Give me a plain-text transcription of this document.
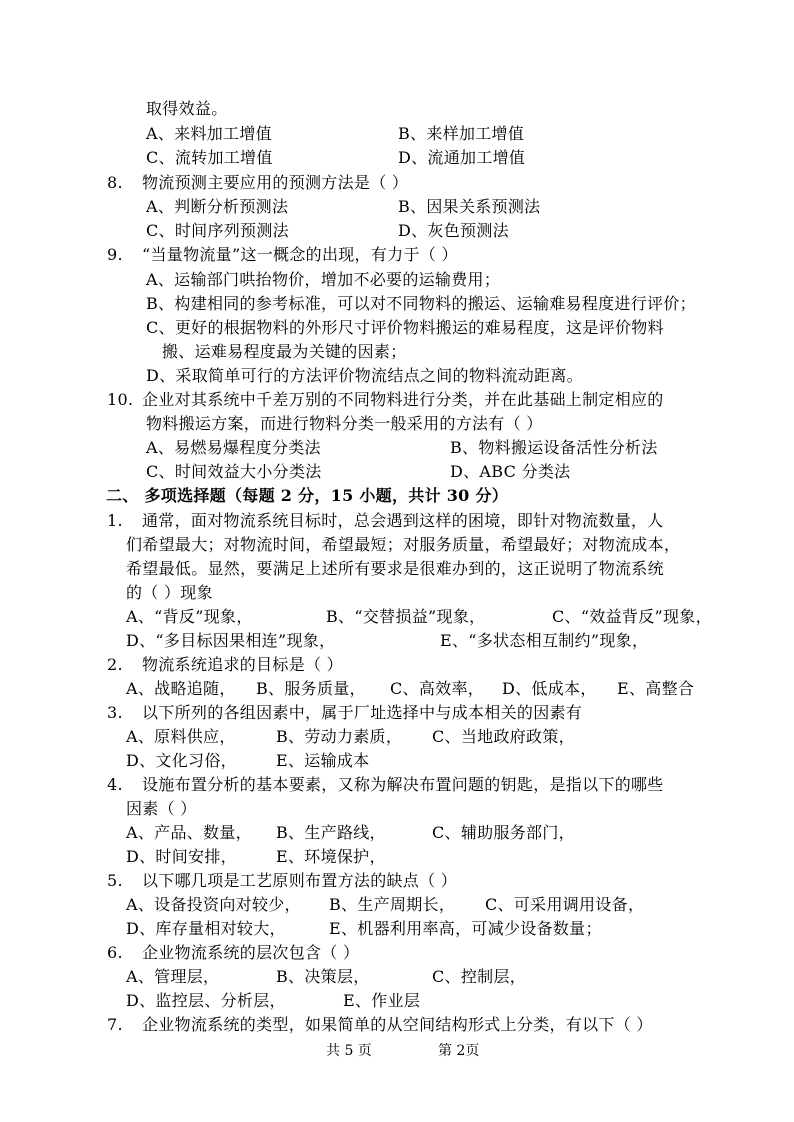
取得效益。
A、来料加工增值	B、来样加工增值
C、流转加工增值	D、流通加工增值
8. 物流预测主要应用的预测方法是（ ）
A、判断分析预测法	B、因果关系预测法
C、时间序列预测法	D、灰色预测法
9. “当量物流量”这一概念的出现，有力于（ ）
A、运输部门哄抬物价，增加不必要的运输费用；
B、构建相同的参考标准，可以对不同物料的搬运、运输难易程度进行评价；
C、更好的根据物料的外形尺寸评价物料搬运的难易程度，这是评价物料
搬、运难易程度最为关键的因素；
D、采取简单可行的方法评价物流结点之间的物料流动距离。
10. 企业对其系统中千差万别的不同物料进行分类，并在此基础上制定相应的
物料搬运方案，而进行物料分类一般采用的方法有（ ）
A、易燃易爆程度分类法	B、物料搬运设备活性分析法
C、时间效益大小分类法	D、ABC 分类法
二、 多项选择题（每题 2 分，15 小题，共计 30 分）
1. 通常，面对物流系统目标时，总会遇到这样的困境，即针对物流数量，人
们希望最大；对物流时间，希望最短；对服务质量，希望最好；对物流成本，
希望最低。显然，要满足上述所有要求是很难办到的，这正说明了物流系统
的（ ）现象
A、“背反”现象，	B、“交替损益”现象，	C、“效益背反”现象，
D、“多目标因果相连”现象，	E、“多状态相互制约”现象，
2. 物流系统追求的目标是（ ）
A、战略追随， B、服务质量， C、高效率， D、低成本， E、高整合
3. 以下所列的各组因素中，属于厂址选择中与成本相关的因素有
A、原料供应，	B、劳动力素质， C、当地政府政策，
D、文化习俗， E、运输成本
4. 设施布置分析的基本要素，又称为解决布置问题的钥匙，是指以下的哪些
因素（ ）
A、产品、数量， B、生产路线，	C、辅助服务部门，
D、时间安排， E、环境保护，
5. 以下哪几项是工艺原则布置方法的缺点（ ）
A、设备投资向对较少， B、生产周期长， C、可采用调用设备，
D、库存量相对较大，	E、机器利用率高，可减少设备数量；
6. 企业物流系统的层次包含（ ）
A、管理层，	B、决策层，	C、控制层，
D、监控层、分析层，	E、作业层
7. 企业物流系统的类型，如果简单的从空间结构形式上分类，有以下（ ）
共 5 页	第 2页
